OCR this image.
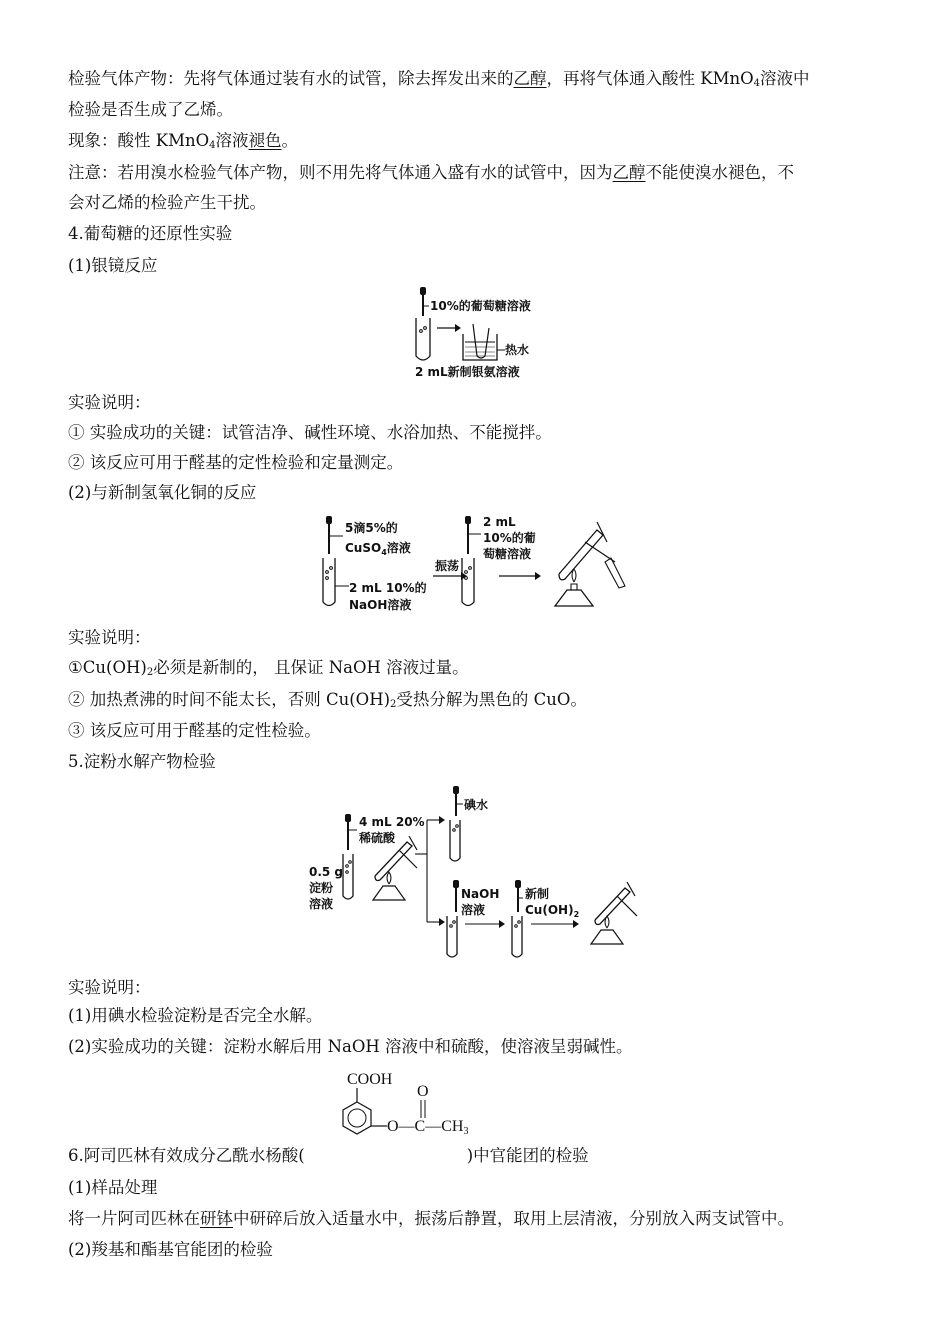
检验气体产物：先将气体通过装有水的试管，除去挥发出来的乙醇，再将气体通入酸性 KMnO$_4$溶液中
检验是否生成了乙烯。
现象：酸性 KMnO$_4$溶液褪色。
注意：若用溴水检验气体产物，则不用先将气体通入盛有水的试管中，因为乙醇不能使溴水褪色，不
会对乙烯的检验产生干扰。
4.葡萄糖的还原性实验
(1)银镜反应
10%的葡萄糖溶液
热水
2 mL新制银氨溶液
实验说明：
① 实验成功的关键：试管洁净、碱性环境、水浴加热、不能搅拌。
② 该反应可用于醛基的定性检验和定量测定。
(2)与新制氢氧化铜的反应
5滴5%的
CuSO$_4$溶液
2 mL 10%的
NaOH溶液
振荡
2 mL
10%的葡
萄糖溶液
实验说明：
$①Cu(OH)_2$必须是新制的， 且保证 NaOH 溶液过量。
② 加热煮沸的时间不能太长，否则 $Cu(OH)_2$受热分解为黑色的 CuO。
③ 该反应可用于醛基的定性检验。
5.淀粉水解产物检验
4 mL 20%
稀硫酸
0.5 g
淀粉
溶液
碘水
NaOH
溶液
新制
$Cu(OH)_2$
实验说明：
(1)用碘水检验淀粉是否完全水解。
(2)实验成功的关键：淀粉水解后用 NaOH 溶液中和硫酸，使溶液呈弱碱性。
COOH
O
O—C—CH3
6.阿司匹林有效成分乙酰水杨酸(	)中官能团的检验
(1)样品处理
将一片阿司匹林在研钵中研碎后放入适量水中，振荡后静置，取用上层清液，分别放入两支试管中。
(2)羧基和酯基官能团的检验
